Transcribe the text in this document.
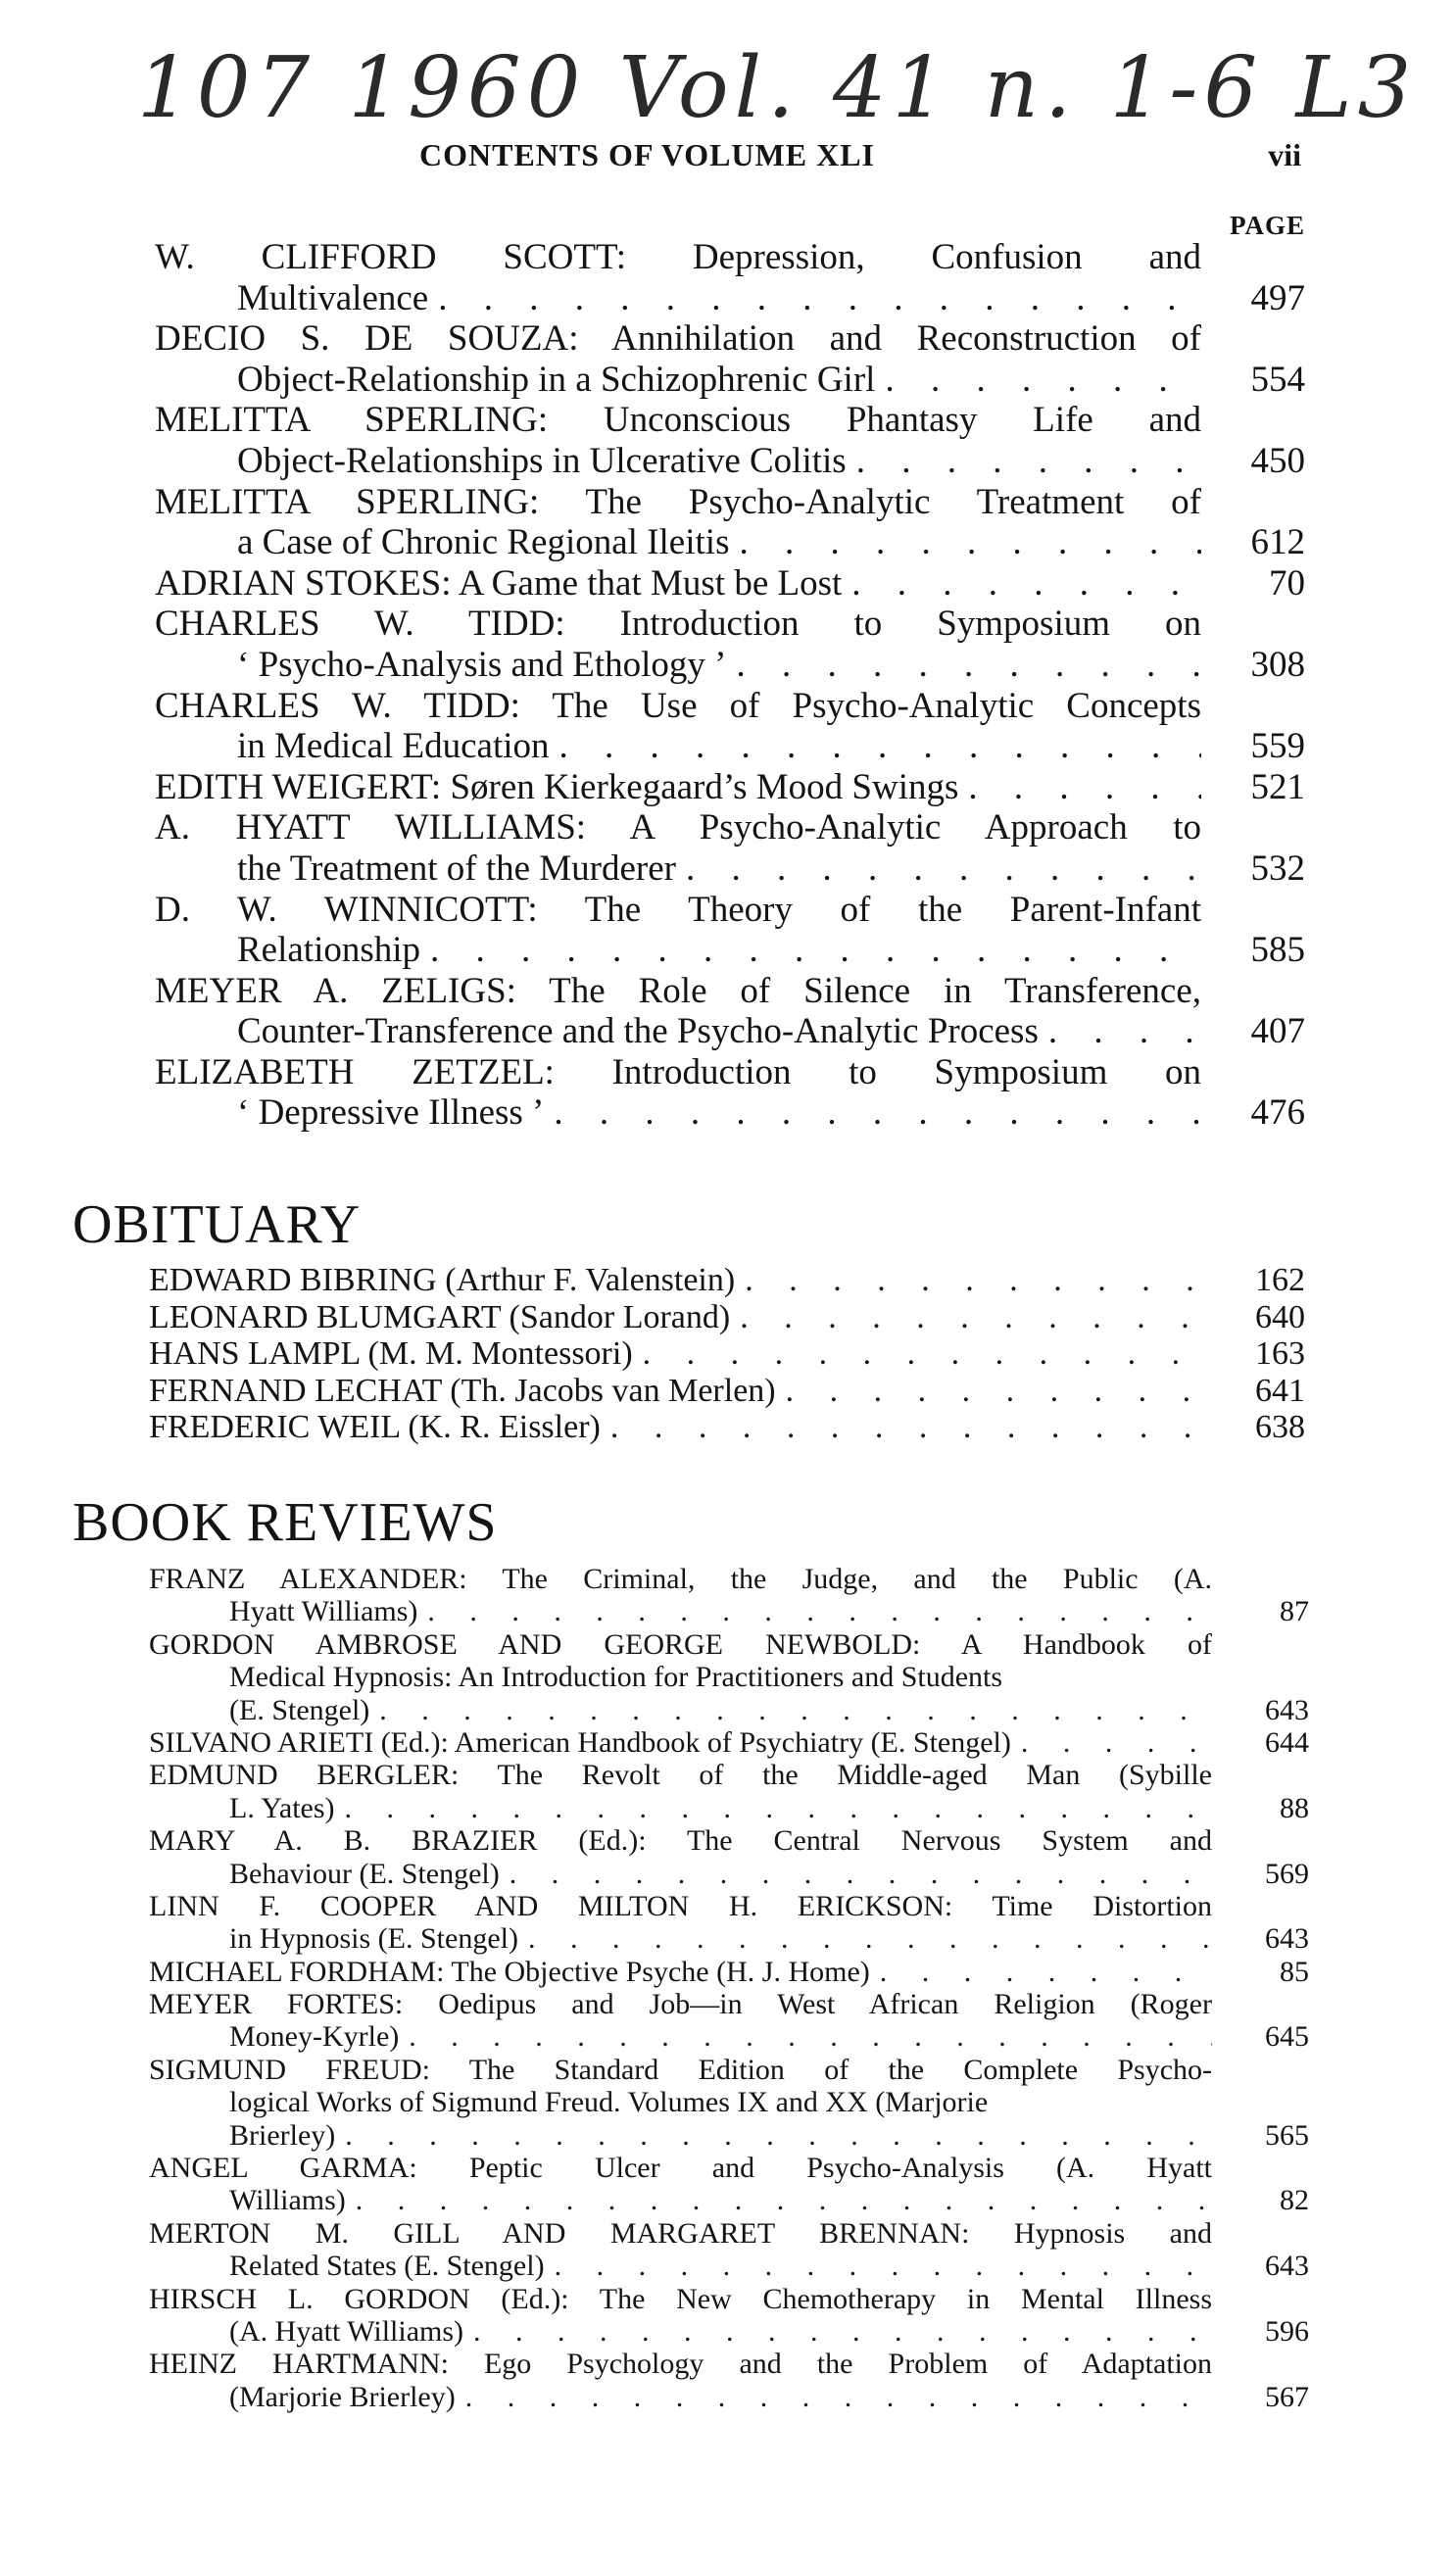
107 1960 Vol. 41 n. 1-6 L3
CONTENTS OF VOLUME XLI	vii
PAGE
W. CLIFFORD SCOTT: Depression, Confusion and
Multivalence . . .	497
DECIO S. DE SOUZA: Annihilation and Reconstruction of
Object-Relationship in a Schizophrenic Girl . . .	554
MELITTA SPERLING: Unconscious Phantasy Life and
Object-Relationships in Ulcerative Colitis . . .	450
MELITTA SPERLING: The Psycho-Analytic Treatment of
a Case of Chronic Regional Ileitis . . .	612
ADRIAN STOKES: A Game that Must be Lost . . .	70
CHARLES W. TIDD: Introduction to Symposium on
‘ Psycho-Analysis and Ethology ’ . . .	308
CHARLES W. TIDD: The Use of Psycho-Analytic Concepts
in Medical Education . . .	559
EDITH WEIGERT: Søren Kierkegaard’s Mood Swings . . .	521
A. HYATT WILLIAMS: A Psycho-Analytic Approach to
the Treatment of the Murderer . . .	532
D. W. WINNICOTT: The Theory of the Parent-Infant
Relationship . . .	585
MEYER A. ZELIGS: The Role of Silence in Transference,
Counter-Transference and the Psycho-Analytic Process . . .	407
ELIZABETH ZETZEL: Introduction to Symposium on
‘ Depressive Illness ’ . . .	476
OBITUARY
EDWARD BIBRING (Arthur F. Valenstein) . . .	162
LEONARD BLUMGART (Sandor Lorand) . . .	640
HANS LAMPL (M. M. Montessori) . . .	163
FERNAND LECHAT (Th. Jacobs van Merlen) . . .	641
FREDERIC WEIL (K. R. Eissler) . . .	638
BOOK REVIEWS
FRANZ ALEXANDER: The Criminal, the Judge, and the Public (A.
Hyatt Williams) . . .	87
GORDON AMBROSE AND GEORGE NEWBOLD: A Handbook of
Medical Hypnosis: An Introduction for Practitioners and Students
(E. Stengel) . . .	643
SILVANO ARIETI (Ed.): American Handbook of Psychiatry (E. Stengel) . . .	644
EDMUND BERGLER: The Revolt of the Middle-aged Man (Sybille
L. Yates) . . .	88
MARY A. B. BRAZIER (Ed.): The Central Nervous System and
Behaviour (E. Stengel) . . .	569
LINN F. COOPER AND MILTON H. ERICKSON: Time Distortion
in Hypnosis (E. Stengel) . . .	643
MICHAEL FORDHAM: The Objective Psyche (H. J. Home) . . .	85
MEYER FORTES: Oedipus and Job—in West African Religion (Roger
Money-Kyrle) . . .	645
SIGMUND FREUD: The Standard Edition of the Complete Psycho-
logical Works of Sigmund Freud. Volumes IX and XX (Marjorie
Brierley) . . .	565
ANGEL GARMA: Peptic Ulcer and Psycho-Analysis (A. Hyatt
Williams) . . .	82
MERTON M. GILL AND MARGARET BRENNAN: Hypnosis and
Related States (E. Stengel) . . .	643
HIRSCH L. GORDON (Ed.): The New Chemotherapy in Mental Illness
(A. Hyatt Williams) . . .	596
HEINZ HARTMANN: Ego Psychology and the Problem of Adaptation
(Marjorie Brierley) . . .	567
